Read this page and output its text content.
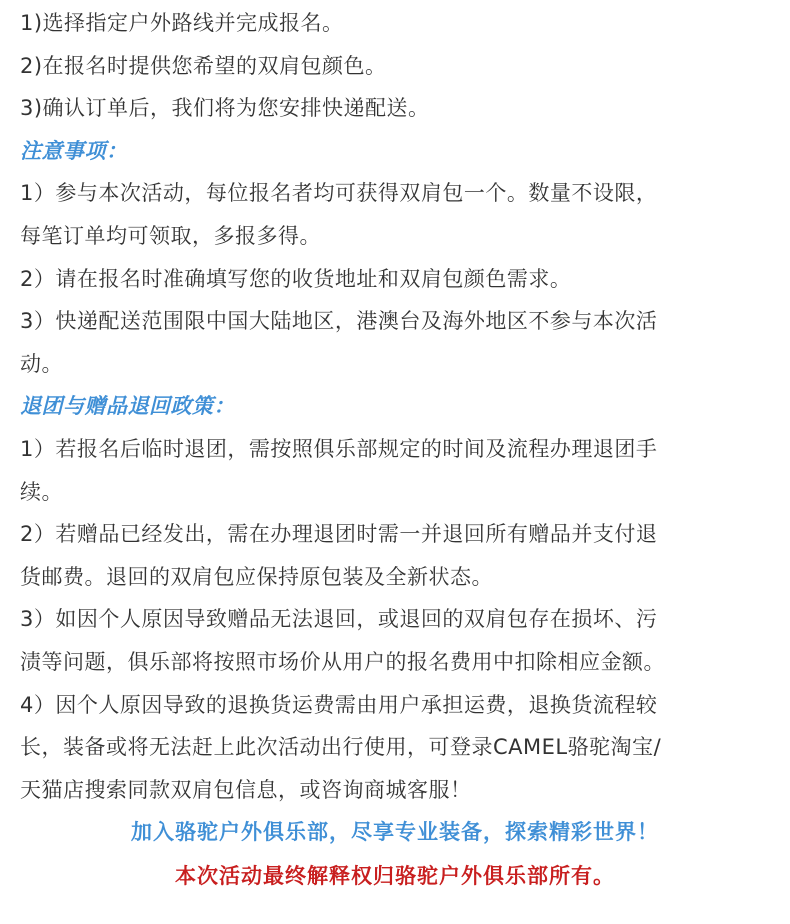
1)选择指定户外路线并完成报名。
2)在报名时提供您希望的双肩包颜色。
3)确认订单后，我们将为您安排快递配送。
注意事项：
1）参与本次活动，每位报名者均可获得双肩包一个。数量不设限，
每笔订单均可领取，多报多得。
2）请在报名时准确填写您的收货地址和双肩包颜色需求。
3）快递配送范围限中国大陆地区，港澳台及海外地区不参与本次活
动。
退团与赠品退回政策：
1）若报名后临时退团，需按照俱乐部规定的时间及流程办理退团手
续。
2）若赠品已经发出，需在办理退团时需一并退回所有赠品并支付退
货邮费。退回的双肩包应保持原包装及全新状态。
3）如因个人原因导致赠品无法退回，或退回的双肩包存在损坏、污
渍等问题，俱乐部将按照市场价从用户的报名费用中扣除相应金额。
4）因个人原因导致的退换货运费需由用户承担运费，退换货流程较
长，装备或将无法赶上此次活动出行使用，可登录CAMEL骆驼淘宝/
天猫店搜索同款双肩包信息，或咨询商城客服！
加入骆驼户外俱乐部，尽享专业装备，探索精彩世界！
本次活动最终解释权归骆驼户外俱乐部所有。
